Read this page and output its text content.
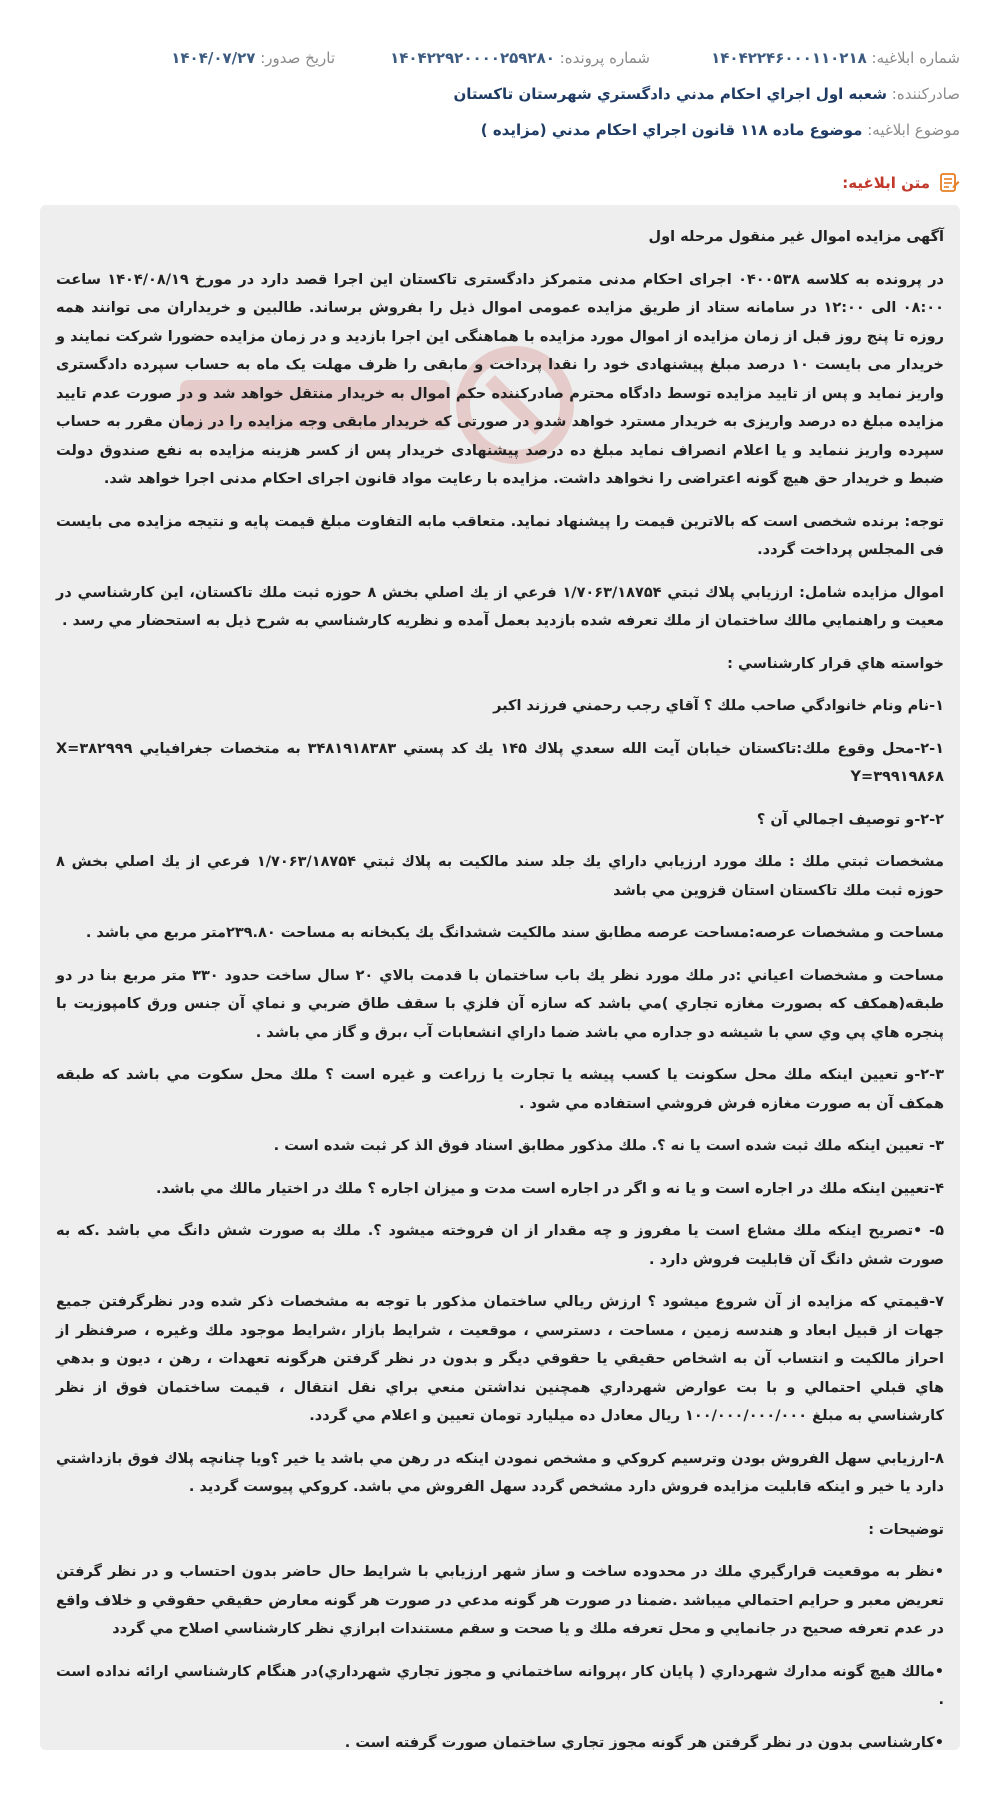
شماره ابلاغیه: ۱۴۰۴۲۲۴۶۰۰۰۱۱۰۲۱۸
شماره پرونده: ۱۴۰۴۲۲۹۲۰۰۰۰۲۵۹۲۸۰
تاریخ صدور: ۱۴۰۴/۰۷/۲۷
صادرکننده: شعبه اول اجراي احكام مدني دادگستري شهرستان تاكستان
موضوع ابلاغیه: موضوع ماده ۱۱۸ قانون اجراي احكام مدني (مزايده )
متن ابلاغیه:

آگهی مزایده اموال غیر منقول مرحله اول

در پرونده به کلاسه ۰۴۰۰۵۳۸ اجرای احکام مدنی متمرکز دادگستری تاکستان این اجرا قصد دارد در مورخ ۱۴۰۴/۰۸/۱۹ ساعت ۰۸:۰۰ الی ۱۲:۰۰ در سامانه ستاد از طریق مزایده عمومی اموال ذیل را بفروش برساند. طالبین و خریداران می توانند همه روزه تا پنج روز قبل از زمان مزایده از اموال مورد مزایده با هماهنگی این اجرا بازدید و در زمان مزایده حضورا شرکت نمایند و خریدار می بایست ۱۰ درصد مبلغ پیشنهادی خود را نقدا پرداخت و مابقی را ظرف مهلت یک ماه به حساب سپرده دادگستری واریز نماید و پس از تایید مزایده توسط دادگاه محترم صادرکننده حکم اموال به خریدار منتقل خواهد شد و در صورت عدم تایید مزایده مبلغ ده درصد واریزی به خریدار مسترد خواهد شدو در صورتی که خریدار مابقی وجه مزایده را در زمان مقرر به حساب سپرده واریز ننماید و یا اعلام انصراف نماید مبلغ ده درصد پیشنهادی خریدار پس از کسر هزینه مزایده به نفع صندوق دولت ضبط و خریدار حق هیچ گونه اعتراضی را نخواهد داشت. مزایده با رعایت مواد قانون اجرای احکام مدنی اجرا خواهد شد.

توجه: برنده شخصی است که بالاترین قیمت را پیشنهاد نماید. متعاقب مابه التفاوت مبلغ قیمت پایه و نتیجه مزایده می بایست فی المجلس پرداخت گردد.

اموال مزايده شامل: ارزيابي پلاك ثبتي ۱/۷۰۶۳/۱۸۷۵۴ فرعي از يك اصلي بخش ۸ حوزه ثبت ملك تاكستان، اين كارشناسي در معيت و راهنمايي مالك ساختمان از ملك تعرفه شده بازديد بعمل آمده و نظريه كارشناسي به شرح ذيل به استحضار مي رسد .

خواسته هاي قرار كارشناسي :

۱-نام ونام خانوادگي صاحب ملك ؟ آقاي رجب رحمني فرزند اكبر

۲-۱-محل وقوع ملك:تاكستان خيابان آيت الله سعدي پلاك ۱۴۵ يك كد پستي ۳۴۸۱۹۱۸۳۸۳ به متخصات جغرافيايي X=۳۸۲۹۹۹ Y=۳۹۹۱۹۸۶۸

۲-۲-و توصيف اجمالي آن ؟

مشخصات ثبتي ملك : ملك مورد ارزيابي داراي يك جلد سند مالكيت به پلاك ثبتي ۱/۷۰۶۳/۱۸۷۵۴ فرعي از يك اصلي بخش ۸ حوزه ثبت ملك تاكستان استان قزوين مي باشد

مساحت و مشخصات عرصه:مساحت عرصه مطابق سند مالكيت ششدانگ يك يكبخانه به مساحت ۲۳۹.۸۰متر مربع مي باشد .

مساحت و مشخصات اعياني :در ملك مورد نظر يك باب ساختمان با قدمت بالاي ۲۰ سال ساخت حدود ۳۳۰ متر مربع بنا در دو طبقه(همكف كه بصورت مغازه تجاري )مي باشد كه سازه آن فلزي با سقف طاق ضربي و نماي آن جنس ورق كامپوزيت با پنجره هاي پي وي سي با شيشه دو جداره مي باشد ضما داراي انشعابات آب ،برق و گاز مي باشد .

۲-۳-و تعيين اينكه ملك محل سكونت يا كسب پيشه يا تجارت يا زراعت و غيره است ؟ ملك محل سكوت مي باشد كه طبقه همكف آن به صورت مغازه فرش فروشي استفاده مي شود .

۳- تعيين اينكه ملك ثبت شده است يا نه ؟. ملك مذكور مطابق اسناد فوق الذ كر ثبت شده است .

۴-تعيين اينكه ملك در اجاره است و يا نه و اگر در اجاره است مدت و ميزان اجاره ؟ ملك در اختيار مالك مي باشد.

۵- •تصريح اينكه ملك مشاع است يا مفروز و چه مقدار از ان فروخته ميشود ؟. ملك به صورت شش دانگ مي باشد .كه به صورت شش دانگ آن قابليت فروش دارد .

۷-قيمتي كه مزايده از آن شروع ميشود ؟ ارزش ريالي ساختمان مذكور با توجه به مشخصات ذكر شده ودر نظرگرفتن جميع جهات از قبيل ابعاد و هندسه زمين ، مساحت ، دسترسي ، موقعيت ، شرايط بازار ،شرايط موجود ملك وغيره ، صرفنظر از احراز مالكيت و انتساب آن به اشخاص حقيقي يا حقوقي ديگر و بدون در نظر گرفتن هرگونه تعهدات ، رهن ، ديون و بدهي هاي قبلي احتمالي و با بت عوارض شهرداري همچنين نداشتن منعي براي نقل انتقال ، قيمت ساختمان فوق از نظر كارشناسي به مبلغ ۱۰۰/۰۰۰/۰۰۰/۰۰۰ ريال معادل ده ميليارد تومان تعيين و اعلام مي گردد.

۸-ارزيابي سهل الفروش بودن وترسيم كروكي و مشخص نمودن اينكه در رهن مي باشد يا خير ؟ويا چنانچه پلاك فوق بازداشتي دارد يا خير و اينكه قابليت مزايده فروش دارد مشخص گردد سهل الفروش مي باشد. كروكي پيوست گرديد .

توضيحات :

•نظر به موقعيت قرارگيري ملك در محدوده ساخت و ساز شهر ارزيابي با شرايط حال حاضر بدون احتساب و در نظر گرفتن تعريض معبر و حرايم احتمالي ميباشد .ضمنا در صورت هر گونه مدعي در صورت هر گونه معارض حقيقي حقوقي و خلاف واقع در عدم تعرفه صحيح در جانمايي و محل تعرفه ملك و يا صحت و سقم مستندات ابرازي نظر كارشناسي اصلاح مي گردد

•مالك هيچ گونه مدارك شهرداري ( پايان كار ،پروانه ساختماني و مجوز تجاري شهرداري)در هنگام كارشناسي ارائه نداده است .

•كارشناسي بدون در نظر گرفتن هر گونه مجوز تجاري ساختمان صورت گرفته است .
